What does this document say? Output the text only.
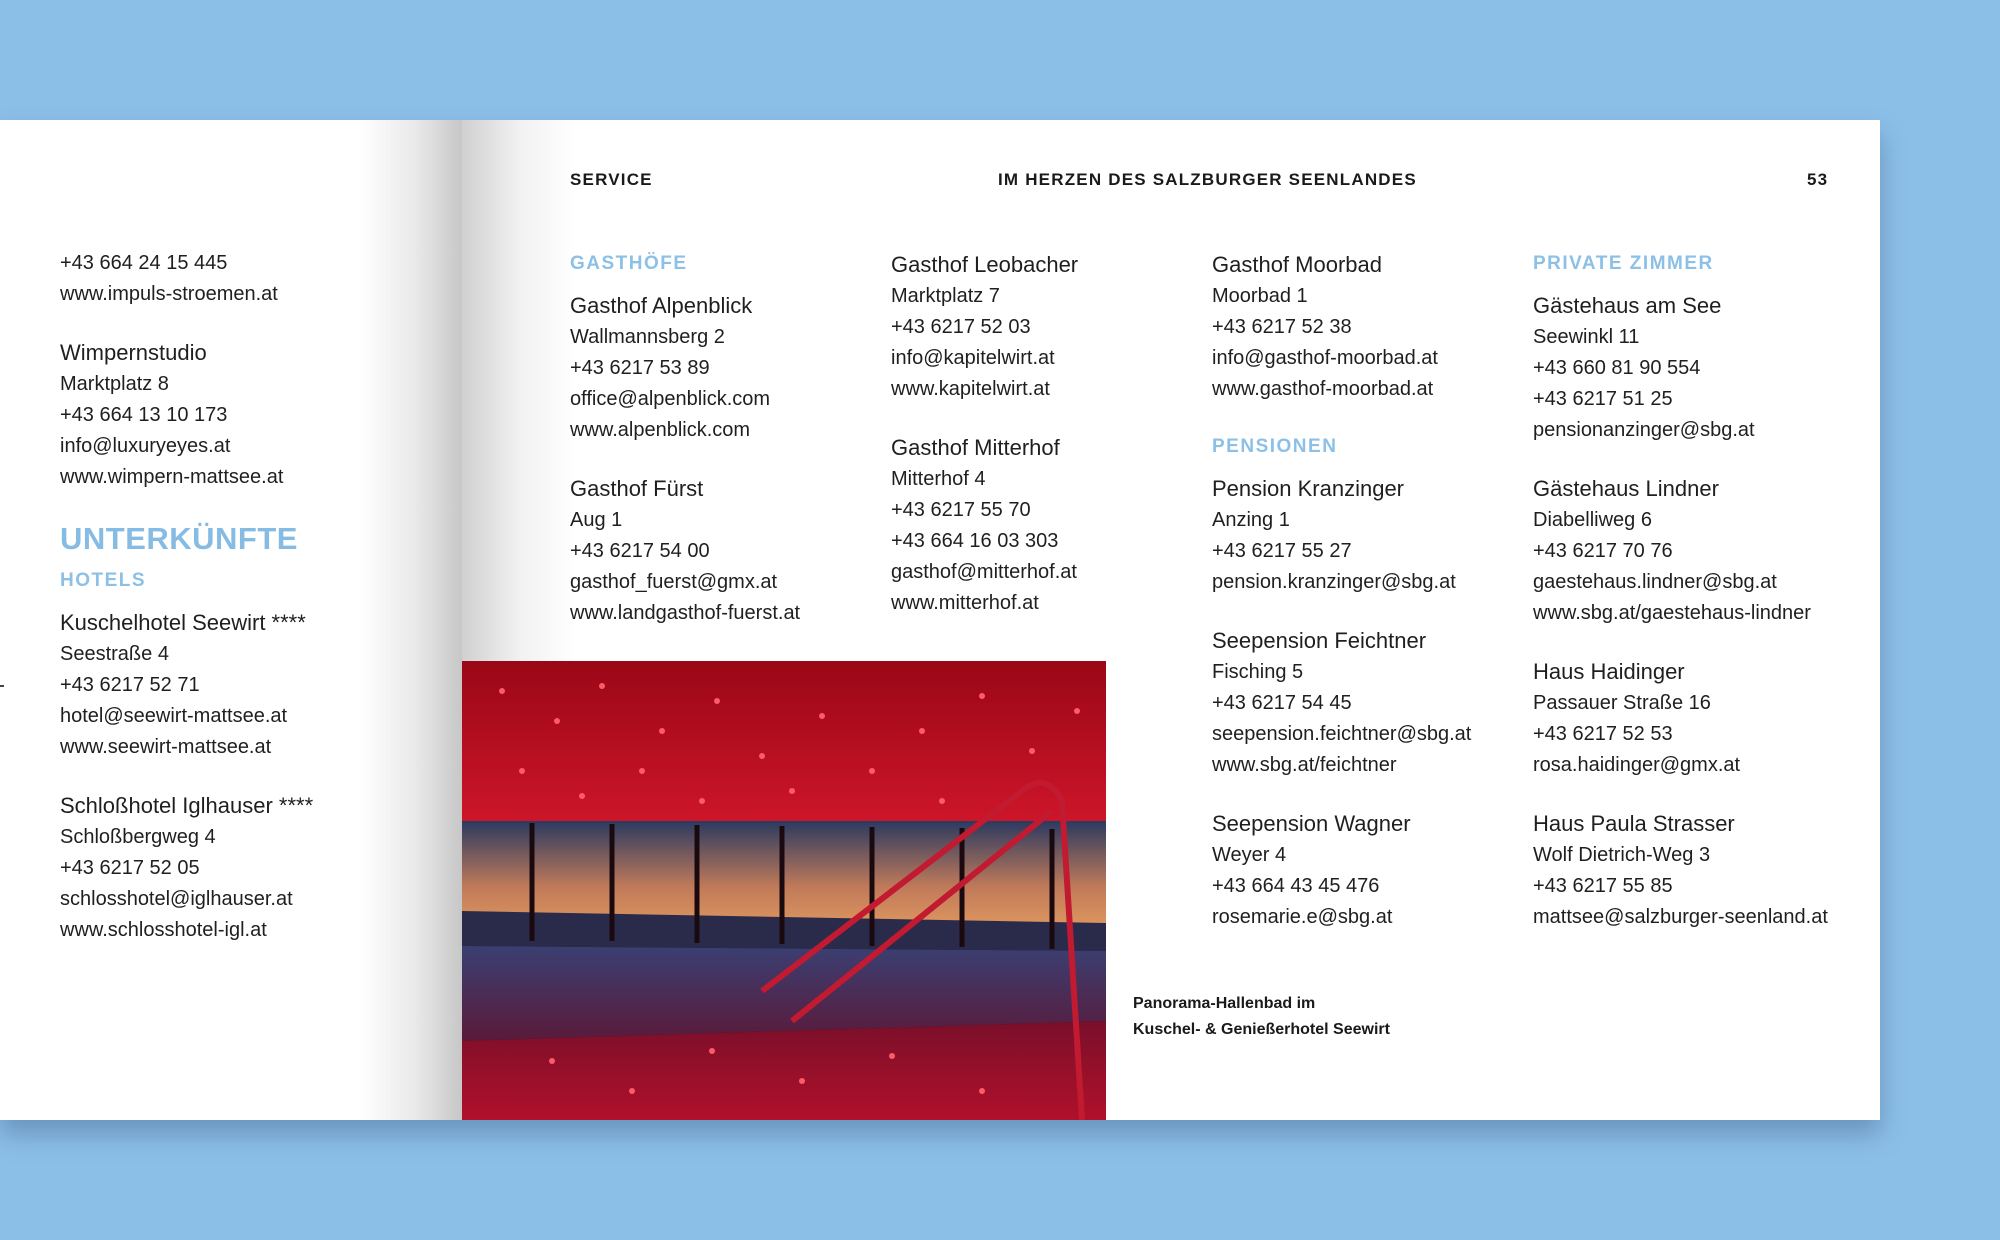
+43 664 24 15 445
www.impuls-stroemen.at
Wimpernstudio
Marktplatz 8
+43 664 13 10 173
info@luxuryeyes.at
www.wimpern-mattsee.at
UNTERKÜNFTE
HOTELS
Kuschelhotel Seewirt ****
Seestraße 4
+43 6217 52 71
hotel@seewirt-mattsee.at
www.seewirt-mattsee.at
Schloßhotel Iglhauser ****
Schloßbergweg 4
+43 6217 52 05
schlosshotel@iglhauser.at
www.schlosshotel-igl.at
SERVICE	IM HERZEN DES SALZBURGER SEENLANDES	53
GASTHÖFE
Gasthof Alpenblick
Wallmannsberg 2
+43 6217 53 89
office@alpenblick.com
www.alpenblick.com
Gasthof Fürst
Aug 1
+43 6217 54 00
gasthof_fuerst@gmx.at
www.landgasthof-fuerst.at
Gasthof Leobacher
Marktplatz 7
+43 6217 52 03
info@kapitelwirt.at
www.kapitelwirt.at
Gasthof Mitterhof
Mitterhof 4
+43 6217 55 70
+43 664 16 03 303
gasthof@mitterhof.at
www.mitterhof.at
Gasthof Moorbad
Moorbad 1
+43 6217 52 38
info@gasthof-moorbad.at
www.gasthof-moorbad.at
PENSIONEN
Pension Kranzinger
Anzing 1
+43 6217 55 27
pension.kranzinger@sbg.at
Seepension Feichtner
Fisching 5
+43 6217 54 45
seepension.feichtner@sbg.at
www.sbg.at/feichtner
Seepension Wagner
Weyer 4
+43 664 43 45 476
rosemarie.e@sbg.at
PRIVATE ZIMMER
Gästehaus am See
Seewinkl 11
+43 660 81 90 554
+43 6217 51 25
pensionanzinger@sbg.at
Gästehaus Lindner
Diabelliweg 6
+43 6217 70 76
gaestehaus.lindner@sbg.at
www.sbg.at/gaestehaus-lindner
Haus Haidinger
Passauer Straße 16
+43 6217 52 53
rosa.haidinger@gmx.at
Haus Paula Strasser
Wolf Dietrich-Weg 3
+43 6217 55 85
mattsee@salzburger-seenland.at
Panorama-Hallenbad im
Kuschel- & Genießerhotel Seewirt
